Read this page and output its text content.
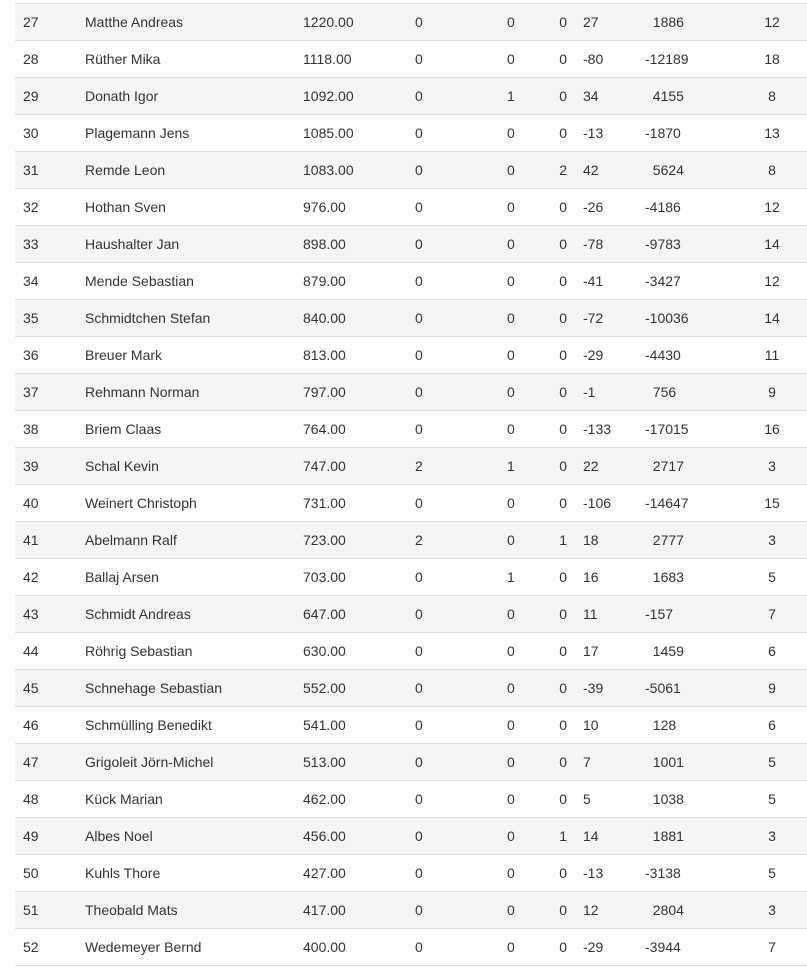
27	Matthe Andreas	1220.00	0	0	0	27	 1886	12
28	Rüther Mika	1118.00	0	0	0	-80	-12189	18
29	Donath Igor	1092.00	0	1	0	34	 4155	8
30	Plagemann Jens	1085.00	0	0	0	-13	-1870	13
31	Remde Leon	1083.00	0	0	2	42	 5624	8
32	Hothan Sven	976.00	0	0	0	-26	-4186	12
33	Haushalter Jan	898.00	0	0	0	-78	-9783	14
34	Mende Sebastian	879.00	0	0	0	-41	-3427	12
35	Schmidtchen Stefan	840.00	0	0	0	-72	-10036	14
36	Breuer Mark	813.00	0	0	0	-29	-4430	11
37	Rehmann Norman	797.00	0	0	0	-1	 756	9
38	Briem Claas	764.00	0	0	0	-133	-17015	16
39	Schal Kevin	747.00	2	1	0	22	 2717	3
40	Weinert Christoph	731.00	0	0	0	-106	-14647	15
41	Abelmann Ralf	723.00	2	0	1	18	 2777	3
42	Ballaj Arsen	703.00	0	1	0	16	 1683	5
43	Schmidt Andreas	647.00	0	0	0	11	-157	7
44	Röhrig Sebastian	630.00	0	0	0	17	 1459	6
45	Schnehage Sebastian	552.00	0	0	0	-39	-5061	9
46	Schmülling Benedikt	541.00	0	0	0	10	 128	6
47	Grigoleit Jörn-Michel	513.00	0	0	0	7	 1001	5
48	Kück Marian	462.00	0	0	0	5	 1038	5
49	Albes Noel	456.00	0	0	1	14	 1881	3
50	Kuhls Thore	427.00	0	0	0	-13	-3138	5
51	Theobald Mats	417.00	0	0	0	12	 2804	3
52	Wedemeyer Bernd	400.00	0	0	0	-29	-3944	7
